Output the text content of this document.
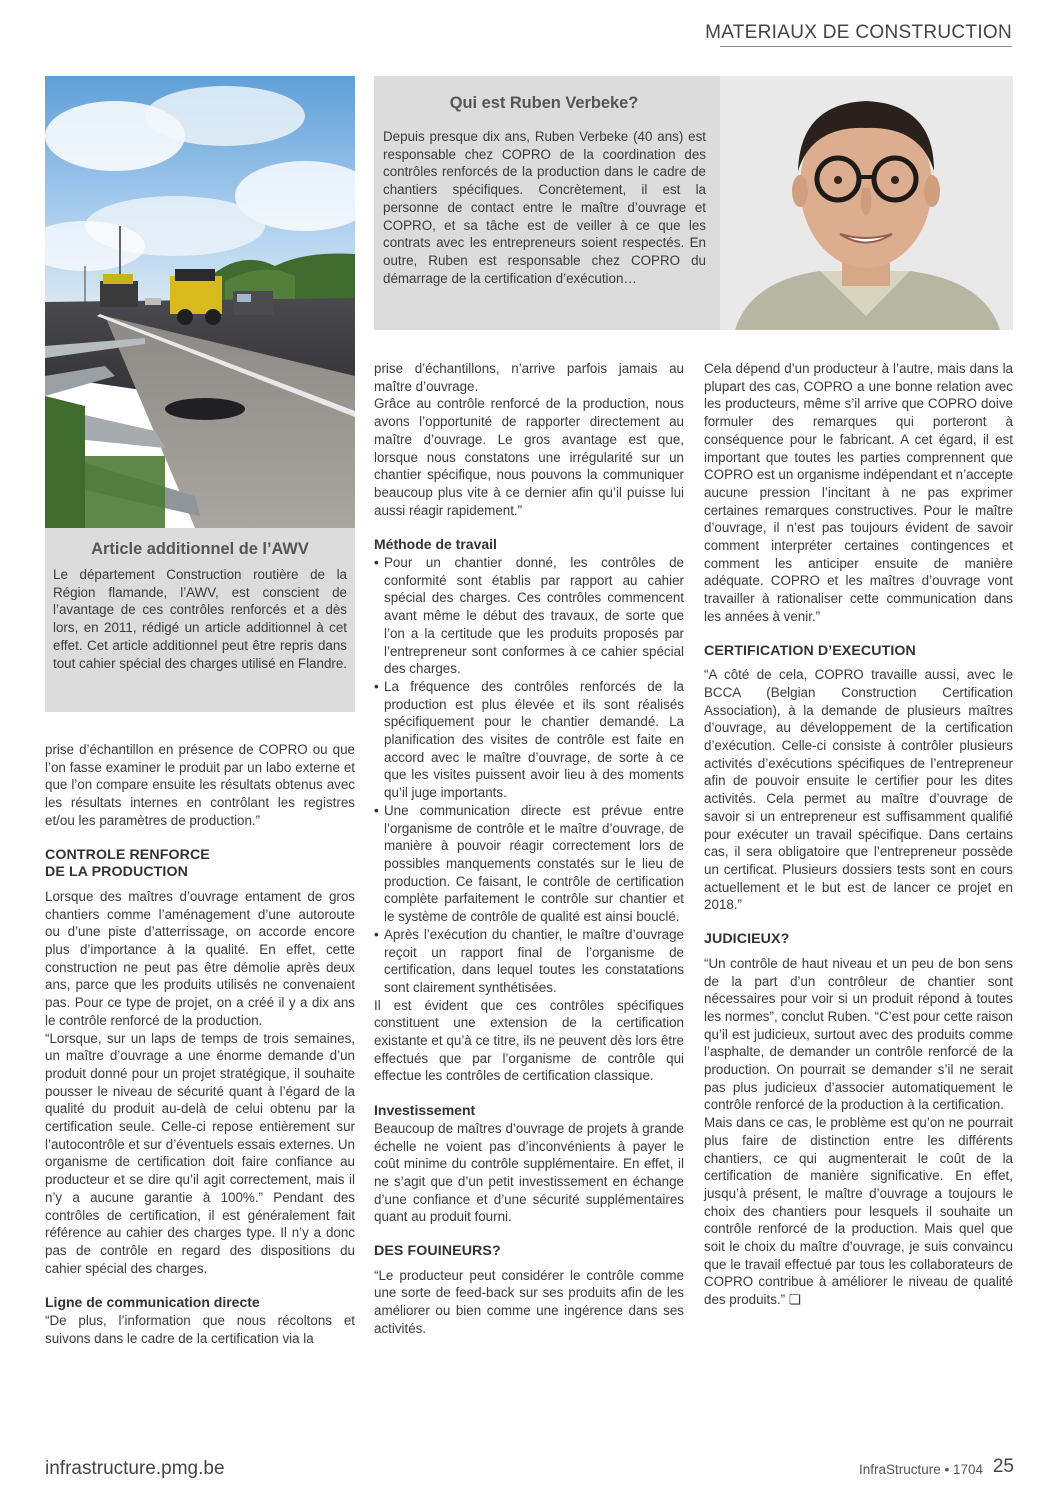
MATERIAUX DE CONSTRUCTION
Article additionnel de l’AWV
Le département Construction routière de la Région flamande, l’AWV, est conscient de l’avantage de ces contrôles renforcés et a dès lors, en 2011, rédigé un article additionnel à cet effet. Cet article additionnel peut être repris dans tout cahier spécial des charges utilisé en Flandre.
Qui est Ruben Verbeke?
Depuis presque dix ans, Ruben Verbeke (40 ans) est responsable chez COPRO de la coordination des contrôles renforcés de la production dans le cadre de chantiers spécifiques. Concrètement, il est la personne de contact entre le maître d’ouvrage et COPRO, et sa tâche est de veiller à ce que les contrats avec les entrepreneurs soient respectés. En outre, Ruben est responsable chez COPRO du démarrage de la certification d’exécution…

prise d’échantillon en présence de COPRO ou que l’on fasse examiner le produit par un labo externe et que l’on compare ensuite les résultats obtenus avec les résultats internes en contrôlant les registres et/ou les paramètres de production.”

CONTROLE RENFORCE

DE LA PRODUCTION

Lorsque des maîtres d’ouvrage entament de gros chantiers comme l’aménagement d’une autoroute ou d’une piste d’atterrissage, on accorde encore plus d’importance à la qualité. En effet, cette construction ne peut pas être démolie après deux ans, parce que les produits utilisés ne convenaient pas. Pour ce type de projet, on a créé il y a dix ans le contrôle renforcé de la production.

“Lorsque, sur un laps de temps de trois semaines, un maître d’ouvrage a une énorme demande d’un produit donné pour un projet stratégique, il souhaite pousser le niveau de sécurité quant à l’égard de la qualité du produit au-delà de celui obtenu par la certification seule. Celle-ci repose entièrement sur l’autocontrôle et sur d’éventuels essais externes. Un organisme de certification doit faire confiance au producteur et se dire qu’il agit correctement, mais il n’y a aucune garantie à 100%.” Pendant des contrôles de certification, il est généralement fait référence au cahier des charges type. Il n’y a donc pas de contrôle en regard des dispositions du cahier spécial des charges.

Ligne de communication directe

“De plus, l’information que nous récoltons et suivons dans le cadre de la certification via la

prise d’échantillons, n’arrive parfois jamais au maître d’ouvrage.

Grâce au contrôle renforcé de la production, nous avons l’opportunité de rapporter directement au maître d’ouvrage. Le gros avantage est que, lorsque nous constatons une irrégularité sur un chantier spécifique, nous pouvons la communiquer beaucoup plus vite à ce dernier afin qu’il puisse lui aussi réagir rapidement.”

Méthode de travail

• Pour un chantier donné, les contrôles de conformité sont établis par rapport au cahier spécial des charges. Ces contrôles commencent avant même le début des travaux, de sorte que l’on a la certitude que les produits proposés par l’entrepreneur sont conformes à ce cahier spécial des charges.
• La fréquence des contrôles renforcés de la production est plus élevée et ils sont réalisés spécifiquement pour le chantier demandé. La planification des visites de contrôle est faite en accord avec le maître d’ouvrage, de sorte à ce que les visites puissent avoir lieu à des moments qu’il juge importants.
• Une communication directe est prévue entre l’organisme de contrôle et le maître d’ouvrage, de manière à pouvoir réagir correctement lors de possibles manquements constatés sur le lieu de production. Ce faisant, le contrôle de certification complète parfaitement le contrôle sur chantier et le système de contrôle de qualité est ainsi bouclé.
• Après l’exécution du chantier, le maître d’ouvrage reçoit un rapport final de l’organisme de certification, dans lequel toutes les constatations sont clairement synthétisées.

Il est évident que ces contrôles spécifiques constituent une extension de la certification existante et qu’à ce titre, ils ne peuvent dès lors être effectués que par l’organisme de contrôle qui effectue les contrôles de certification classique.

Investissement

Beaucoup de maîtres d’ouvrage de projets à grande échelle ne voient pas d’inconvénients à payer le coût minime du contrôle supplémentaire. En effet, il ne s’agit que d’un petit investissement en échange d’une confiance et d’une sécurité supplémentaires quant au produit fourni.

DES FOUINEURS?

“Le producteur peut considérer le contrôle comme une sorte de feed-back sur ses produits afin de les améliorer ou bien comme une ingérence dans ses activités.

Cela dépend d’un producteur à l’autre, mais dans la plupart des cas, COPRO a une bonne relation avec les producteurs, même s’il arrive que COPRO doive formuler des remarques qui porteront à conséquence pour le fabricant. A cet égard, il est important que toutes les parties comprennent que COPRO est un organisme indépendant et n’accepte aucune pression l’incitant à ne pas exprimer certaines remarques constructives. Pour le maître d’ouvrage, il n’est pas toujours évident de savoir comment interpréter certaines contingences et comment les anticiper ensuite de manière adéquate. COPRO et les maîtres d’ouvrage vont travailler à rationaliser cette communication dans les années à venir.”

CERTIFICATION D’EXECUTION

“A côté de cela, COPRO travaille aussi, avec le BCCA (Belgian Construction Certification Association), à la demande de plusieurs maîtres d’ouvrage, au développement de la certification d’exécution. Celle-ci consiste à contrôler plusieurs activités d’exécutions spécifiques de l’entrepreneur afin de pouvoir ensuite le certifier pour les dites activités. Cela permet au maître d’ouvrage de savoir si un entrepreneur est suffisamment qualifié pour exécuter un travail spécifique. Dans certains cas, il sera obligatoire que l’entrepreneur possède un certificat. Plusieurs dossiers tests sont en cours actuellement et le but est de lancer ce projet en 2018.”

JUDICIEUX?

“Un contrôle de haut niveau et un peu de bon sens de la part d’un contrôleur de chantier sont nécessaires pour voir si un produit répond à toutes les normes”, conclut Ruben. “C’est pour cette raison qu’il est judicieux, surtout avec des produits comme l’asphalte, de demander un contrôle renforcé de la production. On pourrait se demander s’il ne serait pas plus judicieux d’associer automatiquement le contrôle renforcé de la production à la certification.

Mais dans ce cas, le problème est qu’on ne pourrait plus faire de distinction entre les différents chantiers, ce qui augmenterait le coût de la certification de manière significative. En effet, jusqu’à présent, le maître d’ouvrage a toujours le choix des chantiers pour lesquels il souhaite un contrôle renforcé de la production. Mais quel que soit le choix du maître d’ouvrage, je suis convaincu que le travail effectué par tous les collaborateurs de COPRO contribue à améliorer le niveau de qualité des produits.” ❏

infrastructure.pmg.be	InfraStructure • 1704 25
